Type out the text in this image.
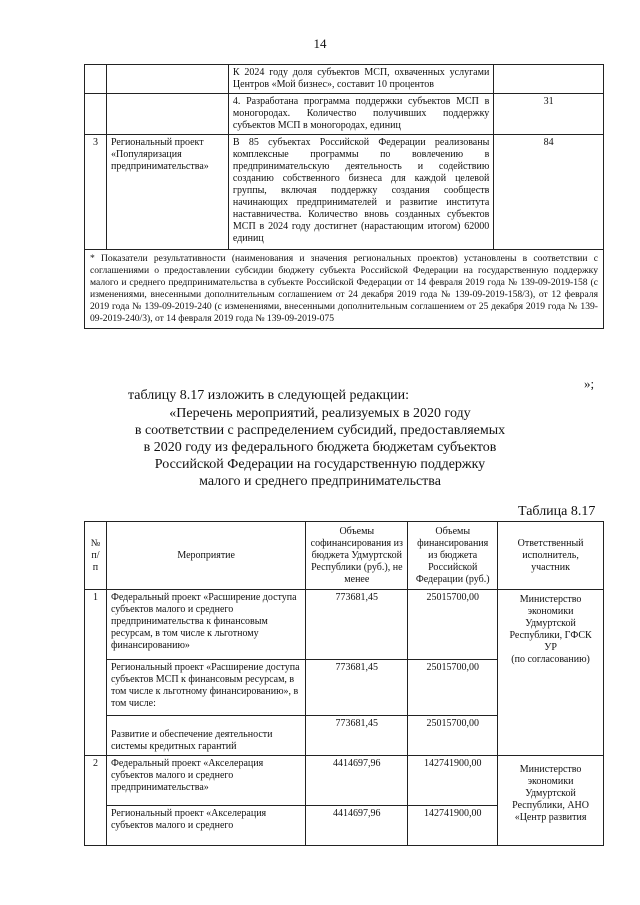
14
		К 2024 году доля субъектов МСП, охваченных услугами Центров «Мой бизнес», составит 10 процентов	
		4. Разработана программа поддержки субъектов МСП в моногородах. Количество получивших поддержку субъектов МСП в моногородах, единиц	31
3	Региональный проект «Популяризация предпринимательства»	В 85 субъектах Российской Федерации реализованы комплексные программы по вовлечению в предпринимательскую деятельность и содействию созданию собственного бизнеса для каждой целевой группы, включая поддержку создания сообществ начинающих предпринимателей и развитие института наставничества. Количество вновь созданных субъектов МСП в 2024 году достигнет (нарастающим итогом) 62000 единиц	84
* Показатели результативности (наименования и значения региональных проектов) установлены в соответствии с соглашениями о предоставлении субсидии бюджету субъекта Российской Федерации на государственную поддержку малого и среднего предпринимательства в субъекте Российской Федерации от 14 февраля 2019 года № 139-09-2019-158 (с изменениями, внесенными дополнительным соглашением от 24 декабря 2019 года № 139-09-2019-158/3), от 12 февраля 2019 года № 139-09-2019-240 (с изменениями, внесенными дополнительным соглашением от 25 декабря 2019 года № 139-09-2019-240/3), от 14 февраля 2019 года № 139-09-2019-075			
»;
таблицу 8.17 изложить в следующей редакции:
«Перечень мероприятий, реализуемых в 2020 году
в соответствии с распределением субсидий, предоставляемых
в 2020 году из федерального бюджета бюджетам субъектов
Российской Федерации на государственную поддержку
малого и среднего предпринимательства
Таблица 8.17
№ п/п	Мероприятие	Объемы софинансирования из бюджета Удмуртской Республики (руб.), не менее	Объемы финансирования из бюджета Российской Федерации (руб.)	Ответственный исполнитель, участник
1	Федеральный проект «Расширение доступа субъектов малого и среднего предпринимательства к финансовым ресурсам, в том числе к льготному финансированию»	773681,45	25015700,00	Министерство экономики Удмуртской Республики, ГФСК УР
(по согласованию)

	Региональный проект «Расширение доступа субъектов МСП к финансовым ресурсам, в том числе к льготному финансированию», в том числе:	773681,45	25015700,00	
	Развитие и обеспечение деятельности системы кредитных гарантий	773681,45	25015700,00	
2	Федеральный проект «Акселерация субъектов малого и среднего предпринимательства»	4414697,96	142741900,00	Министерство экономики Удмуртской Республики, АНО «Центр развития

	Региональный проект «Акселерация субъектов малого и среднего	4414697,96	142741900,00	
